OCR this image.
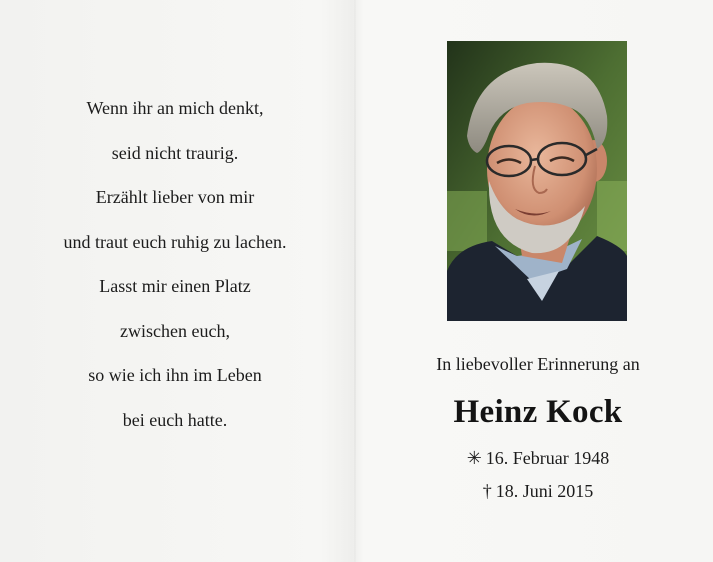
Wenn ihr an mich denkt,
seid nicht traurig.
Erzählt lieber von mir
und traut euch ruhig zu lachen.
Lasst mir einen Platz
zwischen euch,
so wie ich ihn im Leben
bei euch hatte.
In liebevoller Erinnerung an
Heinz Kock
✳ 16. Februar 1948
† 18. Juni 2015
